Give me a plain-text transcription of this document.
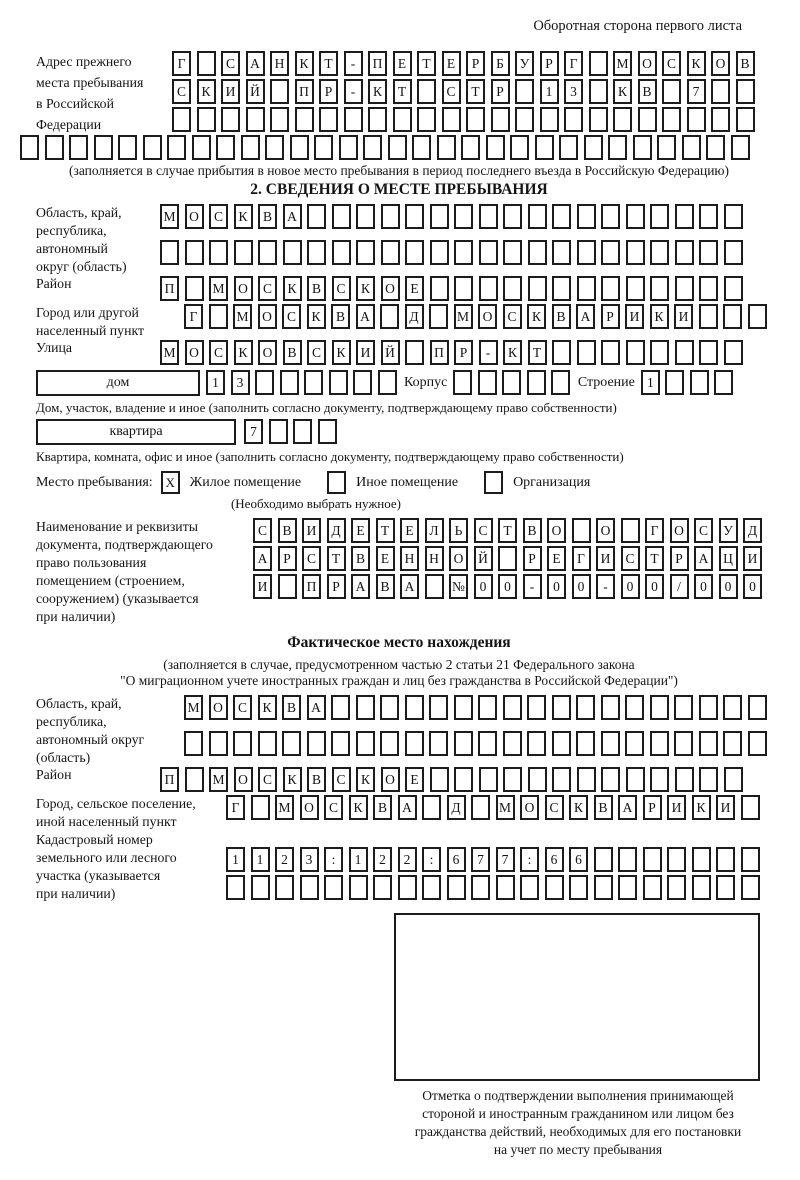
Оборотная сторона первого листа
Адрес прежнего
места пребывания
в Российской
Федерации
Г	С	А	Н	К	Т	-	П	Е	Т	Е	Р	Б	У	Р	Г	М	О	С	К	О	В
С	К	И	Й	П	Р	-	К	Т	С	Т	Р	1	3	К	В	7
(заполняется в случае прибытия в новое место пребывания в период последнего въезда в Российскую Федерацию)
2. СВЕДЕНИЯ О МЕСТЕ ПРЕБЫВАНИЯ
Область, край,
республика,
автономный
округ (область)
М	О	С	К	В	А
Район	П	М	О	С	К	В	С	К	О	Е
Город или другой
населенный пункт
Г	М	О	С	К	В	А	Д	М	О	С	К	В	А	Р	И	К	И
Улица	М	О	С	К	О	В	С	К	И	Й	П	Р	-	К	Т
дом	1	3	Корпус	Строение 1
Дом, участок, владение и иное (заполнить согласно документу, подтверждающему право собственности)
квартира	7
Квартира, комната, офис и иное (заполнить согласно документу, подтверждающему право собственности)
Место пребывания: X	Жилое помещение	Иное помещение	Организация
(Необходимо выбрать нужное)
Наименование и реквизиты
документа, подтверждающего
право пользования
помещением (строением,
сооружением) (указывается
при наличии)
С	В	И	Д	Е	Т	Е	Л	Ь	С	Т	В	О	О	Г	О	С	У	Д
А	Р	С	Т	В	Е	Н	Н	О	Й	Р	Е	Г	И	С	Т	Р	А	Ц	И
И	П	Р	А	В	А	№	0	0	-	0	0	-	0	0	/	0	0	0
Фактическое место нахождения
(заполняется в случае, предусмотренном частью 2 статьи 21 Федерального закона
"О миграционном учете иностранных граждан и лиц без гражданства в Российской Федерации")
Область, край,
республика,
автономный округ
(область)
М	О	С	К	В	А
Район	П	М	О	С	К	В	С	К	О	Е
Город, сельское поселение,
иной населенный пункт
Г	М	О	С	К	В	А	Д	М	О	С	К	В	А	Р	И	К	И
Кадастровый номер
земельного или лесного
участка (указывается
при наличии)
1	1	2	3	:	1	2	2	:	6	7	7	:	6	6
Отметка о подтверждении выполнения принимающей
стороной и иностранным гражданином или лицом без
гражданства действий, необходимых для его постановки
на учет по месту пребывания
